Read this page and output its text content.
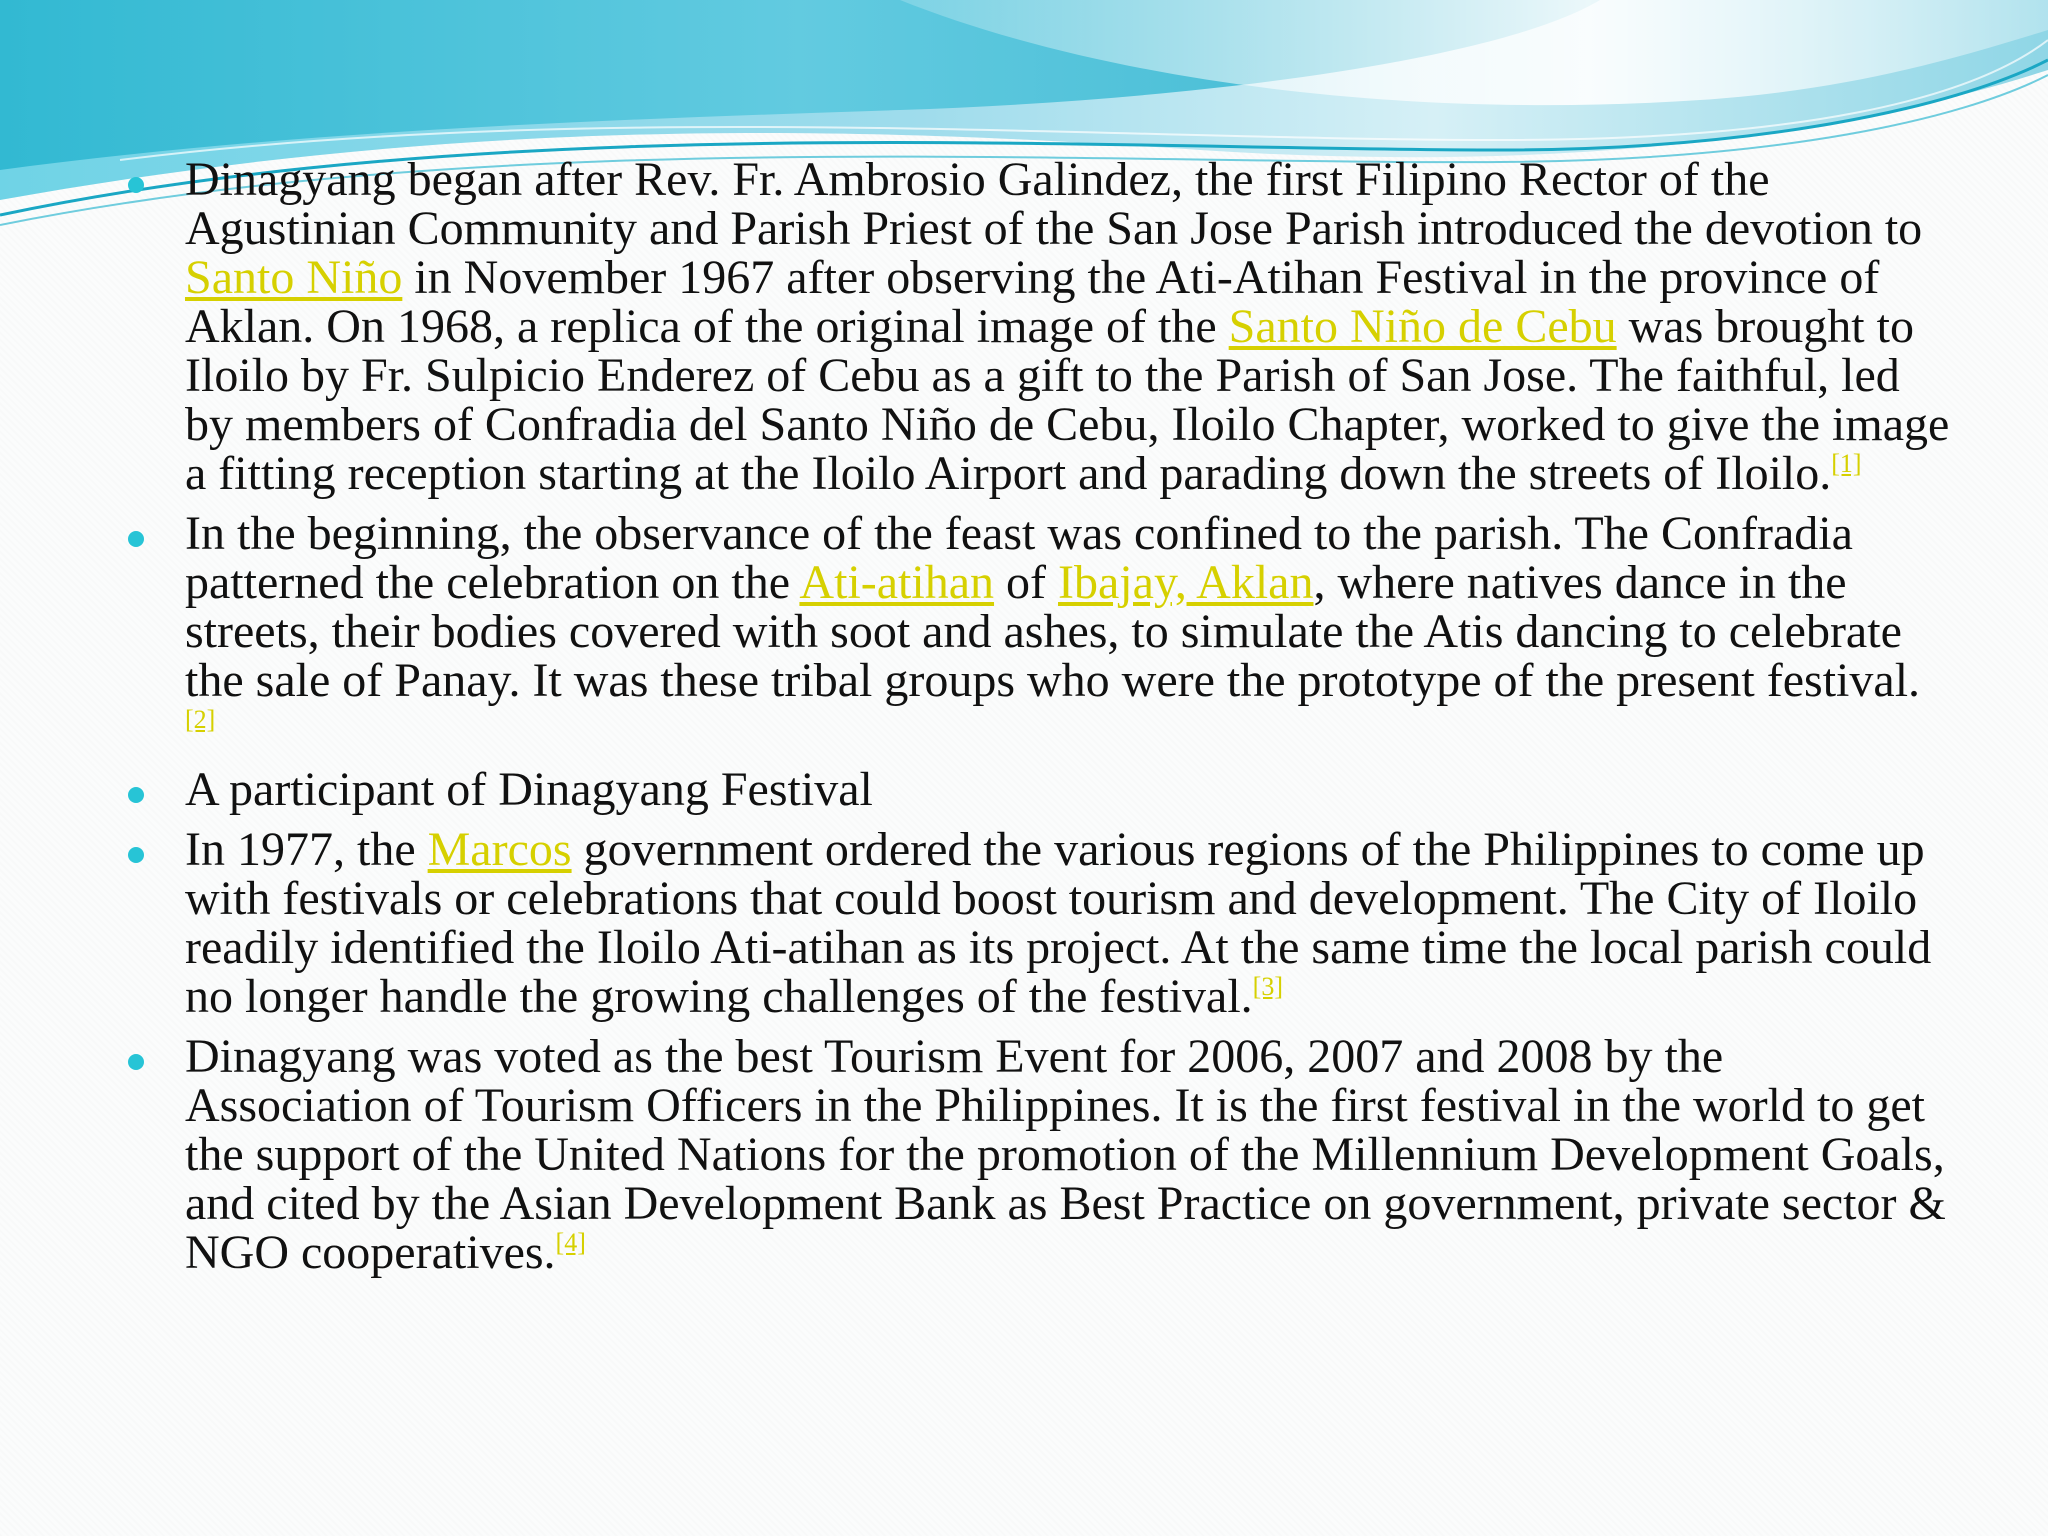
Dinagyang began after Rev. Fr. Ambrosio Galindez, the first Filipino Rector of the Agustinian Community and Parish Priest of the San Jose Parish introduced the devotion to Santo Niño in November 1967 after observing the Ati-Atihan Festival in the province of Aklan. On 1968, a replica of the original image of the Santo Niño de Cebu was brought to Iloilo by Fr. Sulpicio Enderez of Cebu as a gift to the Parish of San Jose. The faithful, led by members of Confradia del Santo Niño de Cebu, Iloilo Chapter, worked to give the image a fitting reception starting at the Iloilo Airport and parading down the streets of Iloilo.[1]
In the beginning, the observance of the feast was confined to the parish. The Confradia patterned the celebration on the Ati-atihan of Ibajay, Aklan, where natives dance in the streets, their bodies covered with soot and ashes, to simulate the Atis dancing to celebrate the sale of Panay. It was these tribal groups who were the prototype of the present festival.[2]
A participant of Dinagyang Festival
In 1977, the Marcos government ordered the various regions of the Philippines to come up with festivals or celebrations that could boost tourism and development. The City of Iloilo readily identified the Iloilo Ati-atihan as its project. At the same time the local parish could no longer handle the growing challenges of the festival.[3]
Dinagyang was voted as the best Tourism Event for 2006, 2007 and 2008 by the Association of Tourism Officers in the Philippines. It is the first festival in the world to get the support of the United Nations for the promotion of the Millennium Development Goals, and cited by the Asian Development Bank as Best Practice on government, private sector & NGO cooperatives.[4]
